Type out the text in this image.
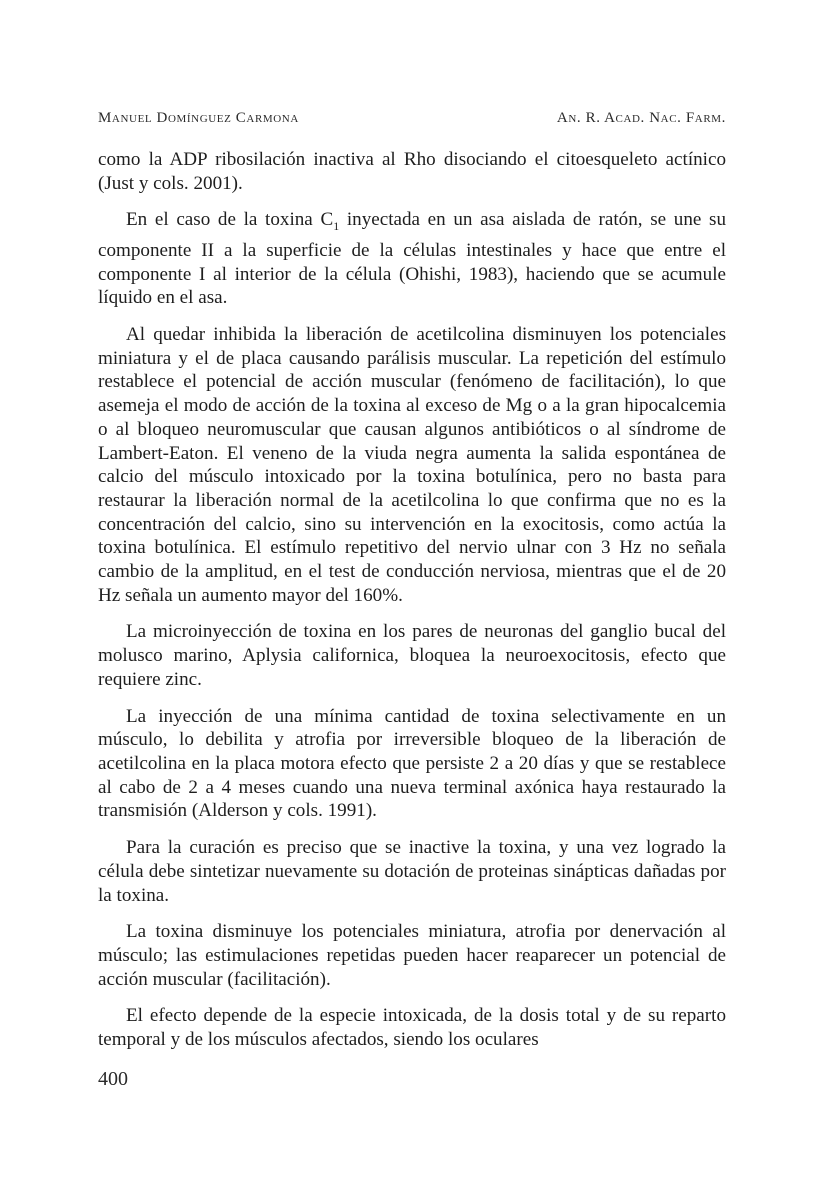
Manuel Domínguez Carmona	An. R. Acad. Nac. Farm.

como la ADP ribosilación inactiva al Rho disociando el citoesqueleto actínico (Just y cols. 2001).

En el caso de la toxina $C_1$ inyectada en un asa aislada de ratón, se une su componente II a la superficie de la células intestinales y hace que entre el componente I al interior de la célula (Ohishi, 1983), haciendo que se acumule líquido en el asa.

Al quedar inhibida la liberación de acetilcolina disminuyen los potenciales miniatura y el de placa causando parálisis muscular. La repetición del estímulo restablece el potencial de acción muscular (fenómeno de facilitación), lo que asemeja el modo de acción de la toxina al exceso de Mg o a la gran hipocalcemia o al bloqueo neuromuscular que causan algunos antibióticos o al síndrome de Lambert-Eaton. El veneno de la viuda negra aumenta la salida espontánea de calcio del músculo intoxicado por la toxina botulínica, pero no basta para restaurar la liberación normal de la acetilcolina lo que confirma que no es la concentración del calcio, sino su intervención en la exocitosis, como actúa la toxina botulínica. El estímulo repetitivo del nervio ulnar con 3 Hz no señala cambio de la amplitud, en el test de conducción nerviosa, mientras que el de 20 Hz señala un aumento mayor del 160%.

La microinyección de toxina en los pares de neuronas del ganglio bucal del molusco marino, Aplysia californica, bloquea la neuroexocitosis, efecto que requiere zinc.

La inyección de una mínima cantidad de toxina selectivamente en un músculo, lo debilita y atrofia por irreversible bloqueo de la liberación de acetilcolina en la placa motora efecto que persiste 2 a 20 días y que se restablece al cabo de 2 a 4 meses cuando una nueva terminal axónica haya restaurado la transmisión (Alderson y cols. 1991).

Para la curación es preciso que se inactive la toxina, y una vez logrado la célula debe sintetizar nuevamente su dotación de proteinas sinápticas dañadas por la toxina.

La toxina disminuye los potenciales miniatura, atrofia por denervación al músculo; las estimulaciones repetidas pueden hacer reaparecer un potencial de acción muscular (facilitación).

El efecto depende de la especie intoxicada, de la dosis total y de su reparto temporal y de los músculos afectados, siendo los oculares

400
